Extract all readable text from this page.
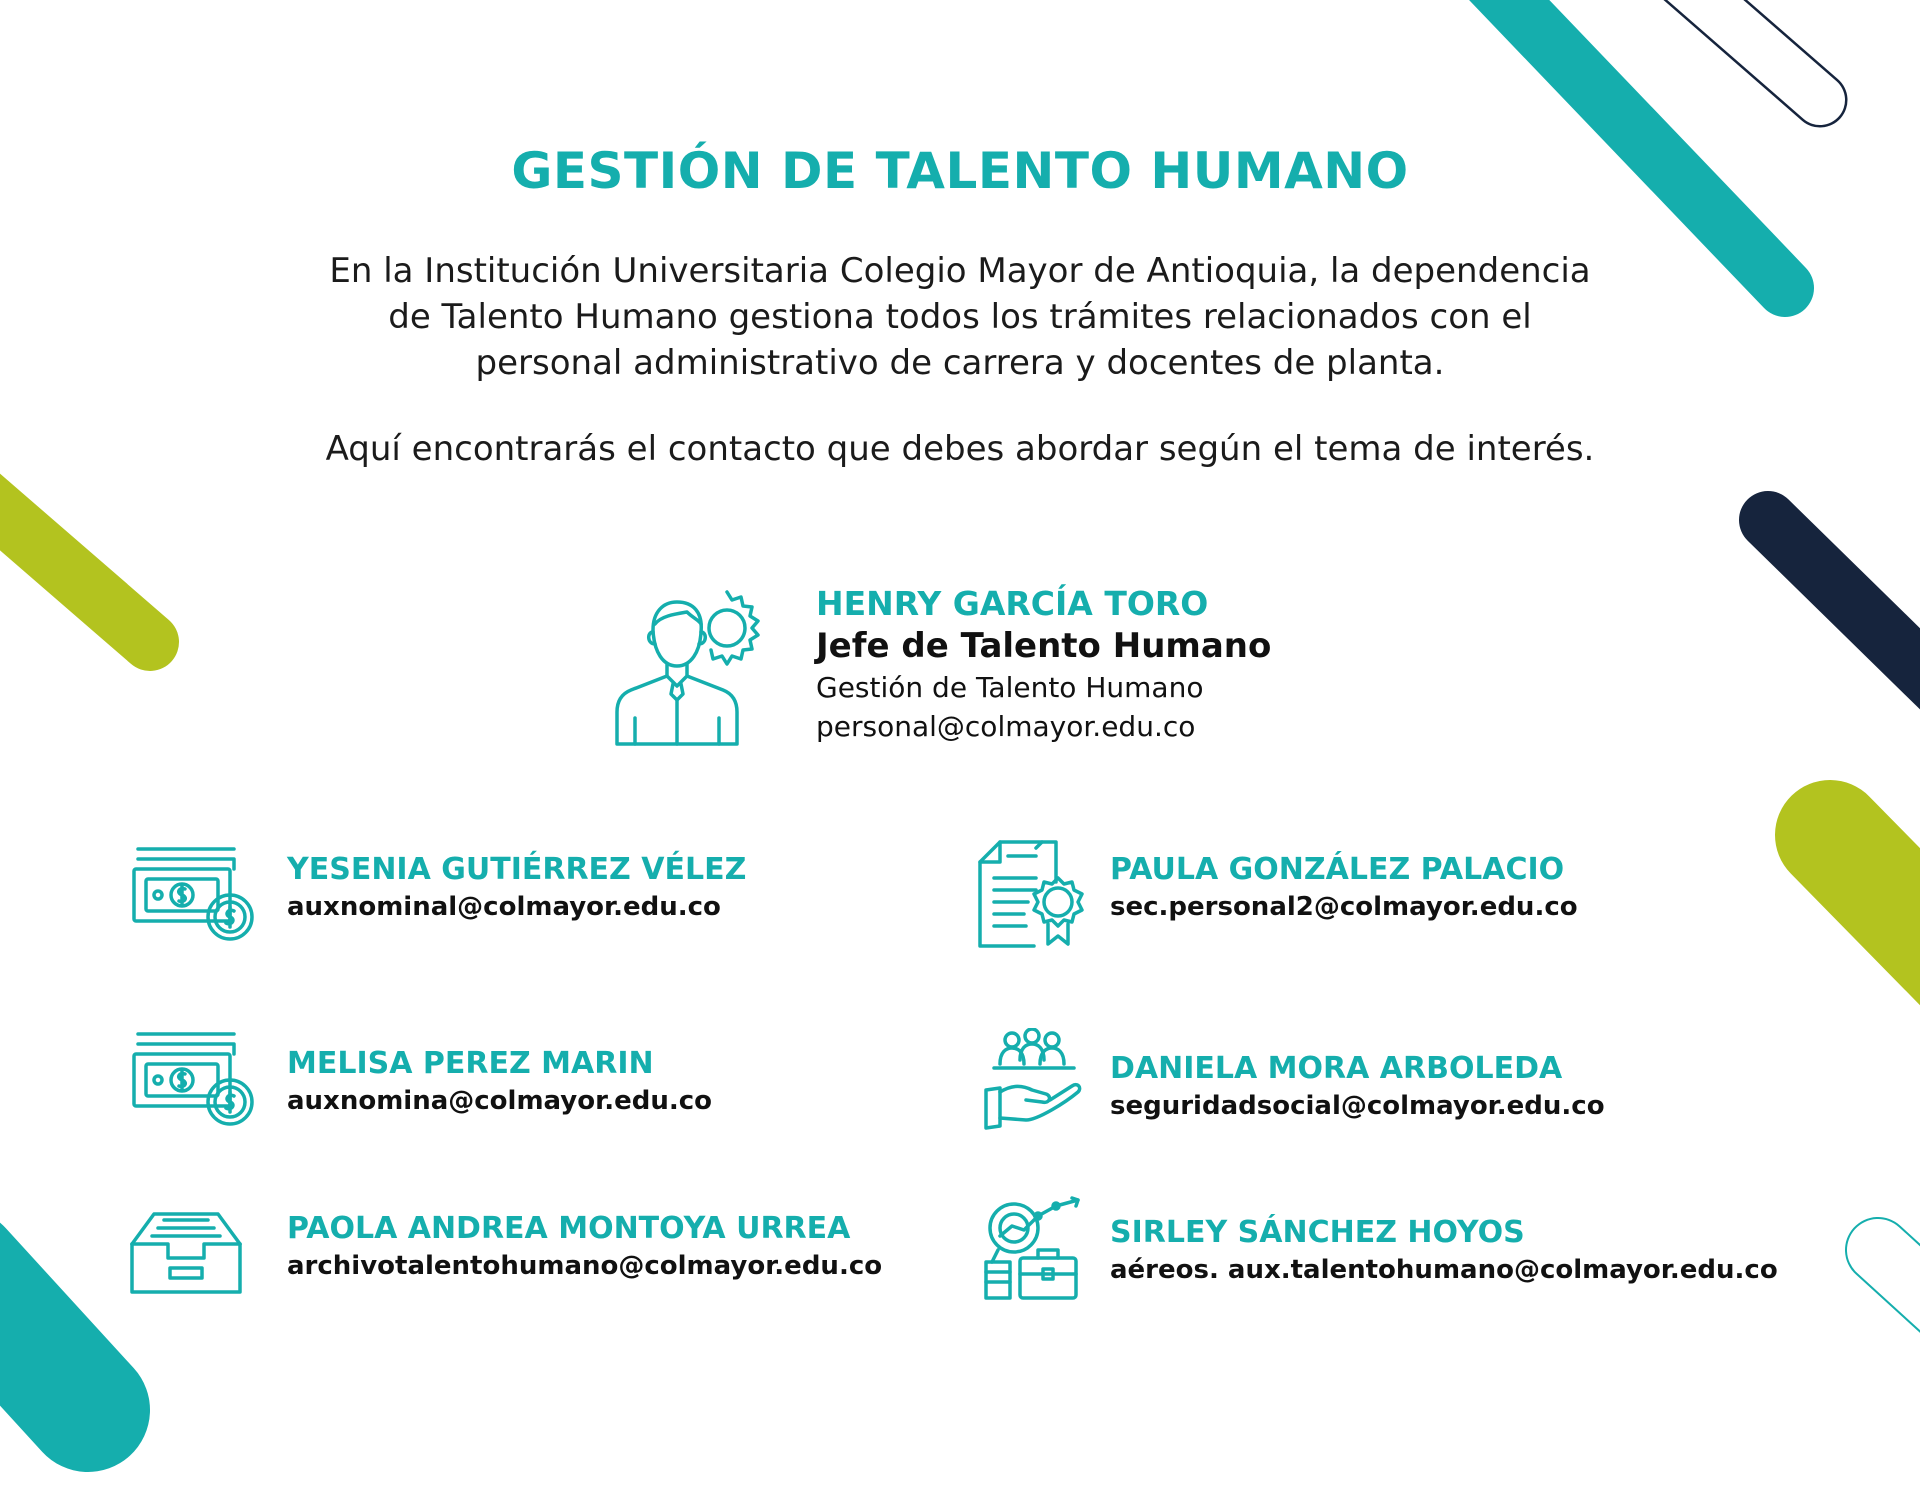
GESTIÓN DE TALENTO HUMANO
En la Institución Universitaria Colegio Mayor de Antioquia, la dependencia
de Talento Humano gestiona todos los trámites relacionados con el
personal administrativo de carrera y docentes de planta.
Aquí encontrarás el contacto que debes abordar según el tema de interés.
HENRY GARCÍA TORO
Jefe de Talento Humano
Gestión de Talento Humano
personal@colmayor.edu.co
YESENIA GUTIÉRREZ VÉLEZ
auxnominal@colmayor.edu.co
PAULA GONZÁLEZ PALACIO
sec.personal2@colmayor.edu.co
MELISA PEREZ MARIN
auxnomina@colmayor.edu.co
DANIELA MORA ARBOLEDA
seguridadsocial@colmayor.edu.co
PAOLA ANDREA MONTOYA URREA
archivotalentohumano@colmayor.edu.co
SIRLEY SÁNCHEZ HOYOS
aéreos. aux.talentohumano@colmayor.edu.co
